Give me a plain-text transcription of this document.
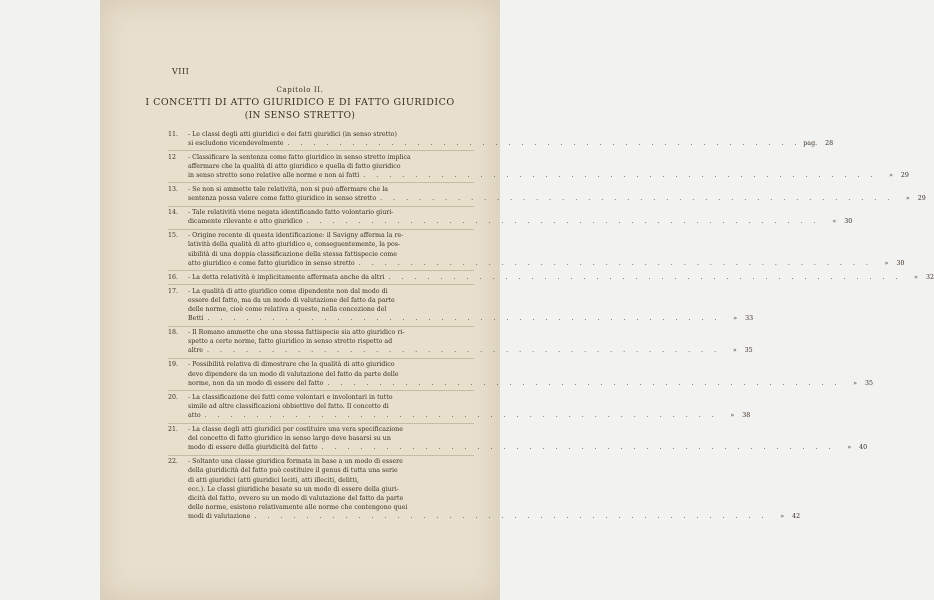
VIII
Capitolo II.
I CONCETTI DI ATTO GIURIDICO E DI FATTO GIURIDICO
(IN SENSO STRETTO)
11.	- Le classi degli atti giuridici e dei fatti giuridici (in senso stretto)
si escludono vicendevolmente . . . . . . . . . . . . . . . . . . . . . . . . . . . . . . . . . . . . . . . . pag. 28
12	- Classificare la sentenza come fatto giuridico in senso stretto implica
affermare che la qualità di atto giuridico e quella di fatto giuridico
in senso stretto sono relative alle norme e non ai fatti . . . . . . . . . . . . . . . . . . . . . . . . . . . . . . . . . . . . . . . . » 29
13.	- Se non si ammette tale relatività, non si può affermare che la
sentenza possa valere come fatto giuridico in senso stretto . . . . . . . . . . . . . . . . . . . . . . . . . . . . . . . . . . . . . . . . » 29
14.	- Tale relatività viene negata identificando fatto volontario giuri-
dicamente rilevante e atto giuridico . . . . . . . . . . . . . . . . . . . . . . . . . . . . . . . . . . . . . . . . » 30
15.	- Origine recente di questa identificazione: il Savigny afferma la re-
latività della qualità di atto giuridico e, conseguentemente, la pos-
sibilità di una doppia classificazione della stessa fattispecie come
atto giuridico e come fatto giuridico in senso stretto . . . . . . . . . . . . . . . . . . . . . . . . . . . . . . . . . . . . . . . . » 30
16.	- La detta relatività è implicitamente affermata anche da altri . . . . . . . . . . . . . . . . . . . . . . . . . . . . . . . . . . . . . . . . » 32
17.	- La qualità di atto giuridico come dipendente non dal modo di
essere del fatto, ma da un modo di valutazione del fatto da parte
delle norme, cioè come relativa a queste, nella concezione del
Betti . . . . . . . . . . . . . . . . . . . . . . . . . . . . . . . . . . . . . . . . » 33
18.	- Il Romano ammette che una stessa fattispecie sia atto giuridico ri-
spetto a certe norme, fatto giuridico in senso stretto rispetto ad
altre . . . . . . . . . . . . . . . . . . . . . . . . . . . . . . . . . . . . . . . . » 35
19.	- Possibilità relativa di dimostrare che la qualità di atto giuridico
deve dipendere da un modo di valutazione del fatto da parte delle
norme, non da un modo di essere del fatto . . . . . . . . . . . . . . . . . . . . . . . . . . . . . . . . . . . . . . . . » 35
20.	- La classificazione dei fatti come volontari e involontari in tutto
simile ad altre classificazioni obbiettive del fatto. Il concetto di
atto . . . . . . . . . . . . . . . . . . . . . . . . . . . . . . . . . . . . . . . . » 38
21.	- La classe degli atti giuridici per costituire una vera specificazione
del concetto di fatto giuridico in senso largo deve basarsi su un
modo di essere della giuridicità del fatto . . . . . . . . . . . . . . . . . . . . . . . . . . . . . . . . . . . . . . . . » 40
22.	- Soltanto una classe giuridica formata in base a un modo di essere
della giuridicità del fatto può costituire il genus di tutta una serie
di atti giuridici (atti giuridici leciti, atti illeciti, delitti,
ecc.). Le classi giuridiche basate su un modo di essere della giuri-
dicità del fatto, ovvero su un modo di valutazione del fatto da parte
delle norme, esistono relativamente alle norme che contengono quei
modi di valutazione . . . . . . . . . . . . . . . . . . . . . . . . . . . . . . . . . . . . . . . . » 42
